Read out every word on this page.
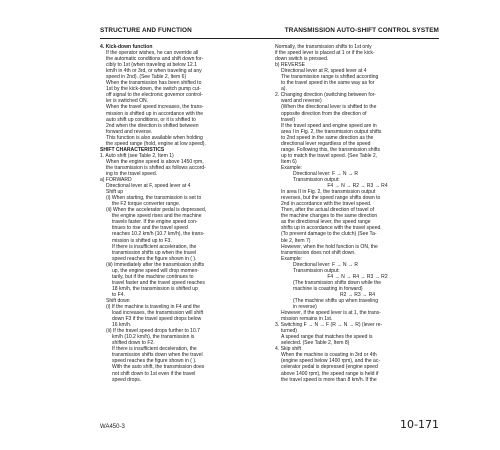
STRUCTURE AND FUNCTION	TRANSMISSION AUTO-SHIFT CONTROL SYSTEM
4. Kick-down function
If the operator wishes, he can override all
the automatic conditions and shift down for-
cibly to 1st (when traveling at below 12.1
km/h in 4th or 3rd, or when traveling at any
speed in 2nd). (See Table 2, Item 6)
When the transmission has been shifted to
1st by the kick-down, the switch pump cut-
off signal to the electronic governor control-
ler is switched ON.
When the travel speed increases, the trans-
mission is shifted up in accordance with the
auto shift up conditions, or it is shifted to
2nd when the direction is shifted between
forward and reverse.
This function is also available when holding
the speed range (hold, engine at low speed).
SHIFT CHARACTERISTICS
1. Auto shift (see Table 2, Item 1)
When the engine speed is above 1450 rpm,
the transmission is shifted as follows accord-
ing to the travel speed.
a) FORWARD
Directional lever at F, speed lever at 4
Shift up
(i) When starting, the transmission is set to
the F2 torque converter range.
(ii) When the accelerator pedal is depressed,
the engine speed rises and the machine
travels faster. If the engine speed con-
tinues to rise and the travel speed
reaches 10.2 km/h (10.7 km/h), the trans-
mission is shifted up to F3.
If there is insufficient acceleration, the
transmission shifts up when the travel
speed reaches the figure shown in ( ).
(iii) Immediately after the transmission shifts
up, the engine speed will drop momen-
tarily, but if the machine continues to
travel faster and the travel speed reaches
18 km/h, the transmission is shifted up
to F4.
Shift down
(i) If the machine is traveling in F4 and the
load increases, the transmission will shift
down F3 if the travel speed drops below
16 km/h.
(ii) If the travel speed drops further to 10.7
km/h (10.2 km/h), the transmission is
shifted down to F2.
If there is insufficient deceleration, the
transmission shifts down when the travel
speed reaches the figure shown in ( ).
With the auto shift, the transmission does
not shift down to 1st even if the travel
speed drops.
Normally, the transmission shifts to 1st only
if the speed lever is placed at 1 or if the kick-
down switch is pressed.
b) REVERSE
Directional lever at R, speed lever at 4
The transmission range is shifted according
to the travel speed in the same way as for
a).
2. Changing direction (switching between for-
ward and reverse)
(When the directional lever is shifted to the
opposite direction from the direction of
travel)
If the travel speed and engine speed are in
area I in Fig. 2, the transmission output shifts
to 2nd speed in the same direction as the
directional lever regardless of the speed
range. Following this, the transmission shifts
up to match the travel speed. (See Table 2,
Item 6)
Example:
Directional lever: F → N → R
Transmission output:
F4 → N → R2 → R3 → R4
In area II in Fig. 2, the transmission output
reverses, but the speed range shifts down to
2nd in accordance with the travel speed.
Then, after the actual direction of travel of
the machine changes to the same direction
as the directional lever, the speed range
shifts up in accordance with the travel speed.
(To prevent damage to the clutch) (See Ta-
ble 2, Item 7)
However, when the hold function is ON, the
transmission does not shift down.
Example:
Directional lever: F → N → R
Transmission output:
F4 → N → R4 → R3 → R2
(The transmission shifts down while the
machine is coasting in forward)
R2 → R3 → R4
(The machine shifts up when traveling
in reverse)
However, if the speed lever is at 1, the trans-
mission remains in 1st.
3. Switching F → N → F (R → N → R) (lever re-
turned)
A speed range that matches the speed is
selected. (See Table 2, Item 8)
4. Skip shift
When the machine is coasting in 3rd or 4th
(engine speed below 1400 rpm), and the ac-
celerator pedal is depressed (engine speed
above 1400 rpm), the speed range is held if
the travel speed is more than 8 km/h. If the
WA450-3	10-171
